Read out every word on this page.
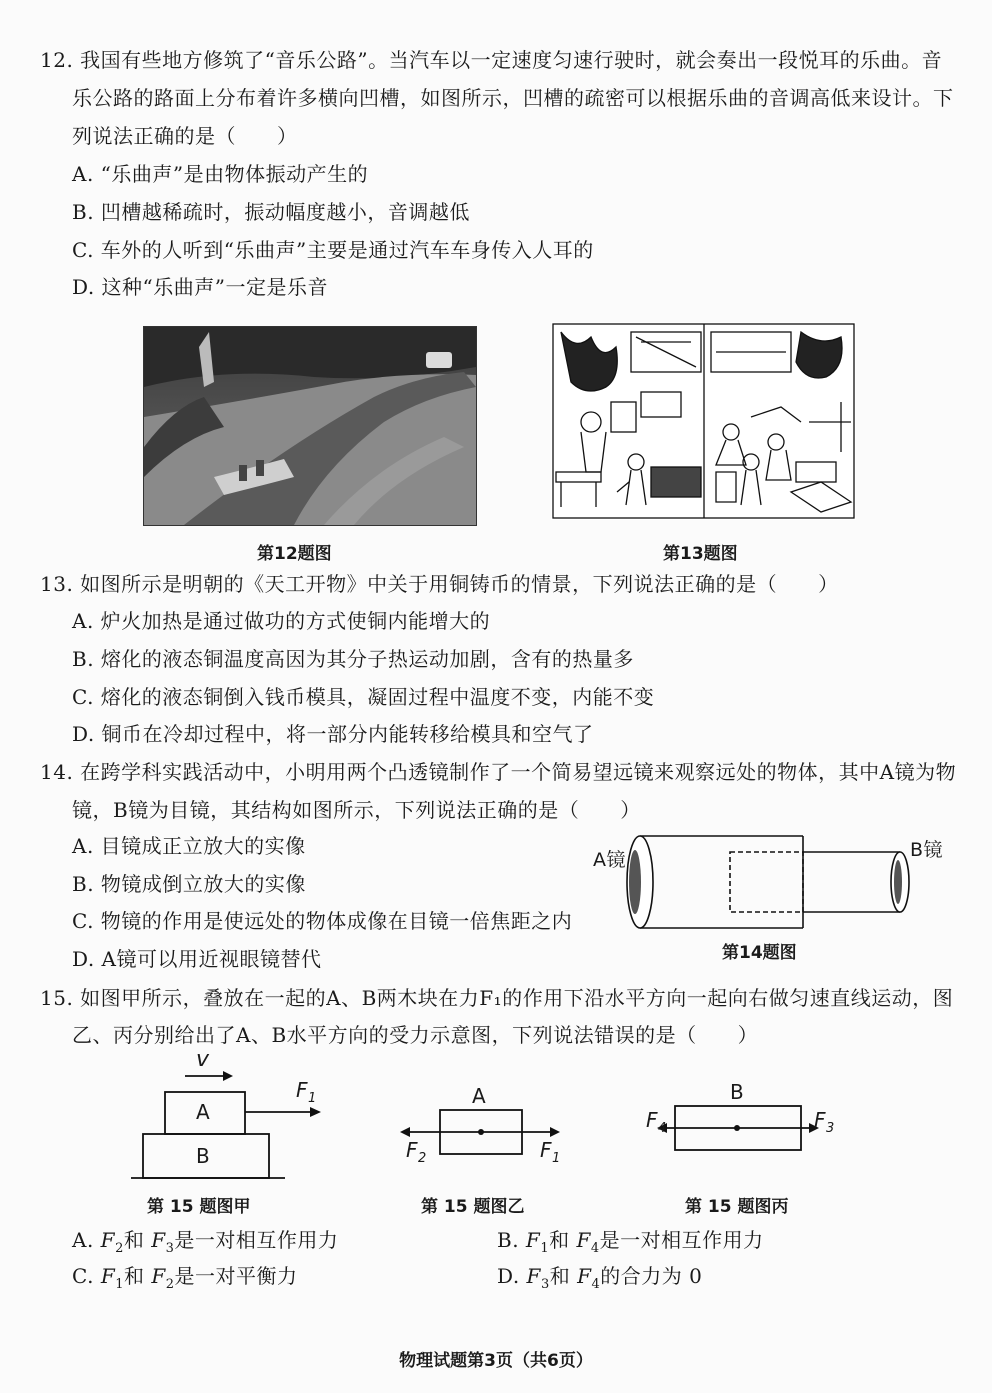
12. 我国有些地方修筑了“音乐公路”。当汽车以一定速度匀速行驶时，就会奏出一段悦耳的乐曲。音
乐公路的路面上分布着许多横向凹槽，如图所示，凹槽的疏密可以根据乐曲的音调高低来设计。下
列说法正确的是（　　）
A. “乐曲声”是由物体振动产生的
B. 凹槽越稀疏时，振动幅度越小，音调越低
C. 车外的人听到“乐曲声”主要是通过汽车车身传入人耳的
D. 这种“乐曲声”一定是乐音
第12题图	第13题图
13. 如图所示是明朝的《天工开物》中关于用铜铸币的情景，下列说法正确的是（　　）
A. 炉火加热是通过做功的方式使铜内能增大的
B. 熔化的液态铜温度高因为其分子热运动加剧，含有的热量多
C. 熔化的液态铜倒入钱币模具，凝固过程中温度不变，内能不变
D. 铜币在冷却过程中，将一部分内能转移给模具和空气了
14. 在跨学科实践活动中，小明用两个凸透镜制作了一个简易望远镜来观察远处的物体，其中A镜为物
镜，B镜为目镜，其结构如图所示，下列说法正确的是（　　）
A. 目镜成正立放大的实像
B. 物镜成倒立放大的实像
C. 物镜的作用是使远处的物体成像在目镜一倍焦距之内
D. A镜可以用近视眼镜替代
A镜	B镜
第14题图
15. 如图甲所示，叠放在一起的A、B两木块在力F₁的作用下沿水平方向一起向右做匀速直线运动，图
乙、丙分别给出了A、B水平方向的受力示意图，下列说法错误的是（　　）
v
$F_1$
A
B
第 15 题图甲
A
$F_2$	$F_1$
第 15 题图乙
B
$F_4$	$F_3$
第 15 题图丙
A. $F_2$和 $F_3$是一对相互作用力	B. $F_1$和 $F_4$是一对相互作用力
C. $F_1$和 $F_2$是一对平衡力	D. $F_3$和 $F_4$的合力为 0
物理试题第3页（共6页）
